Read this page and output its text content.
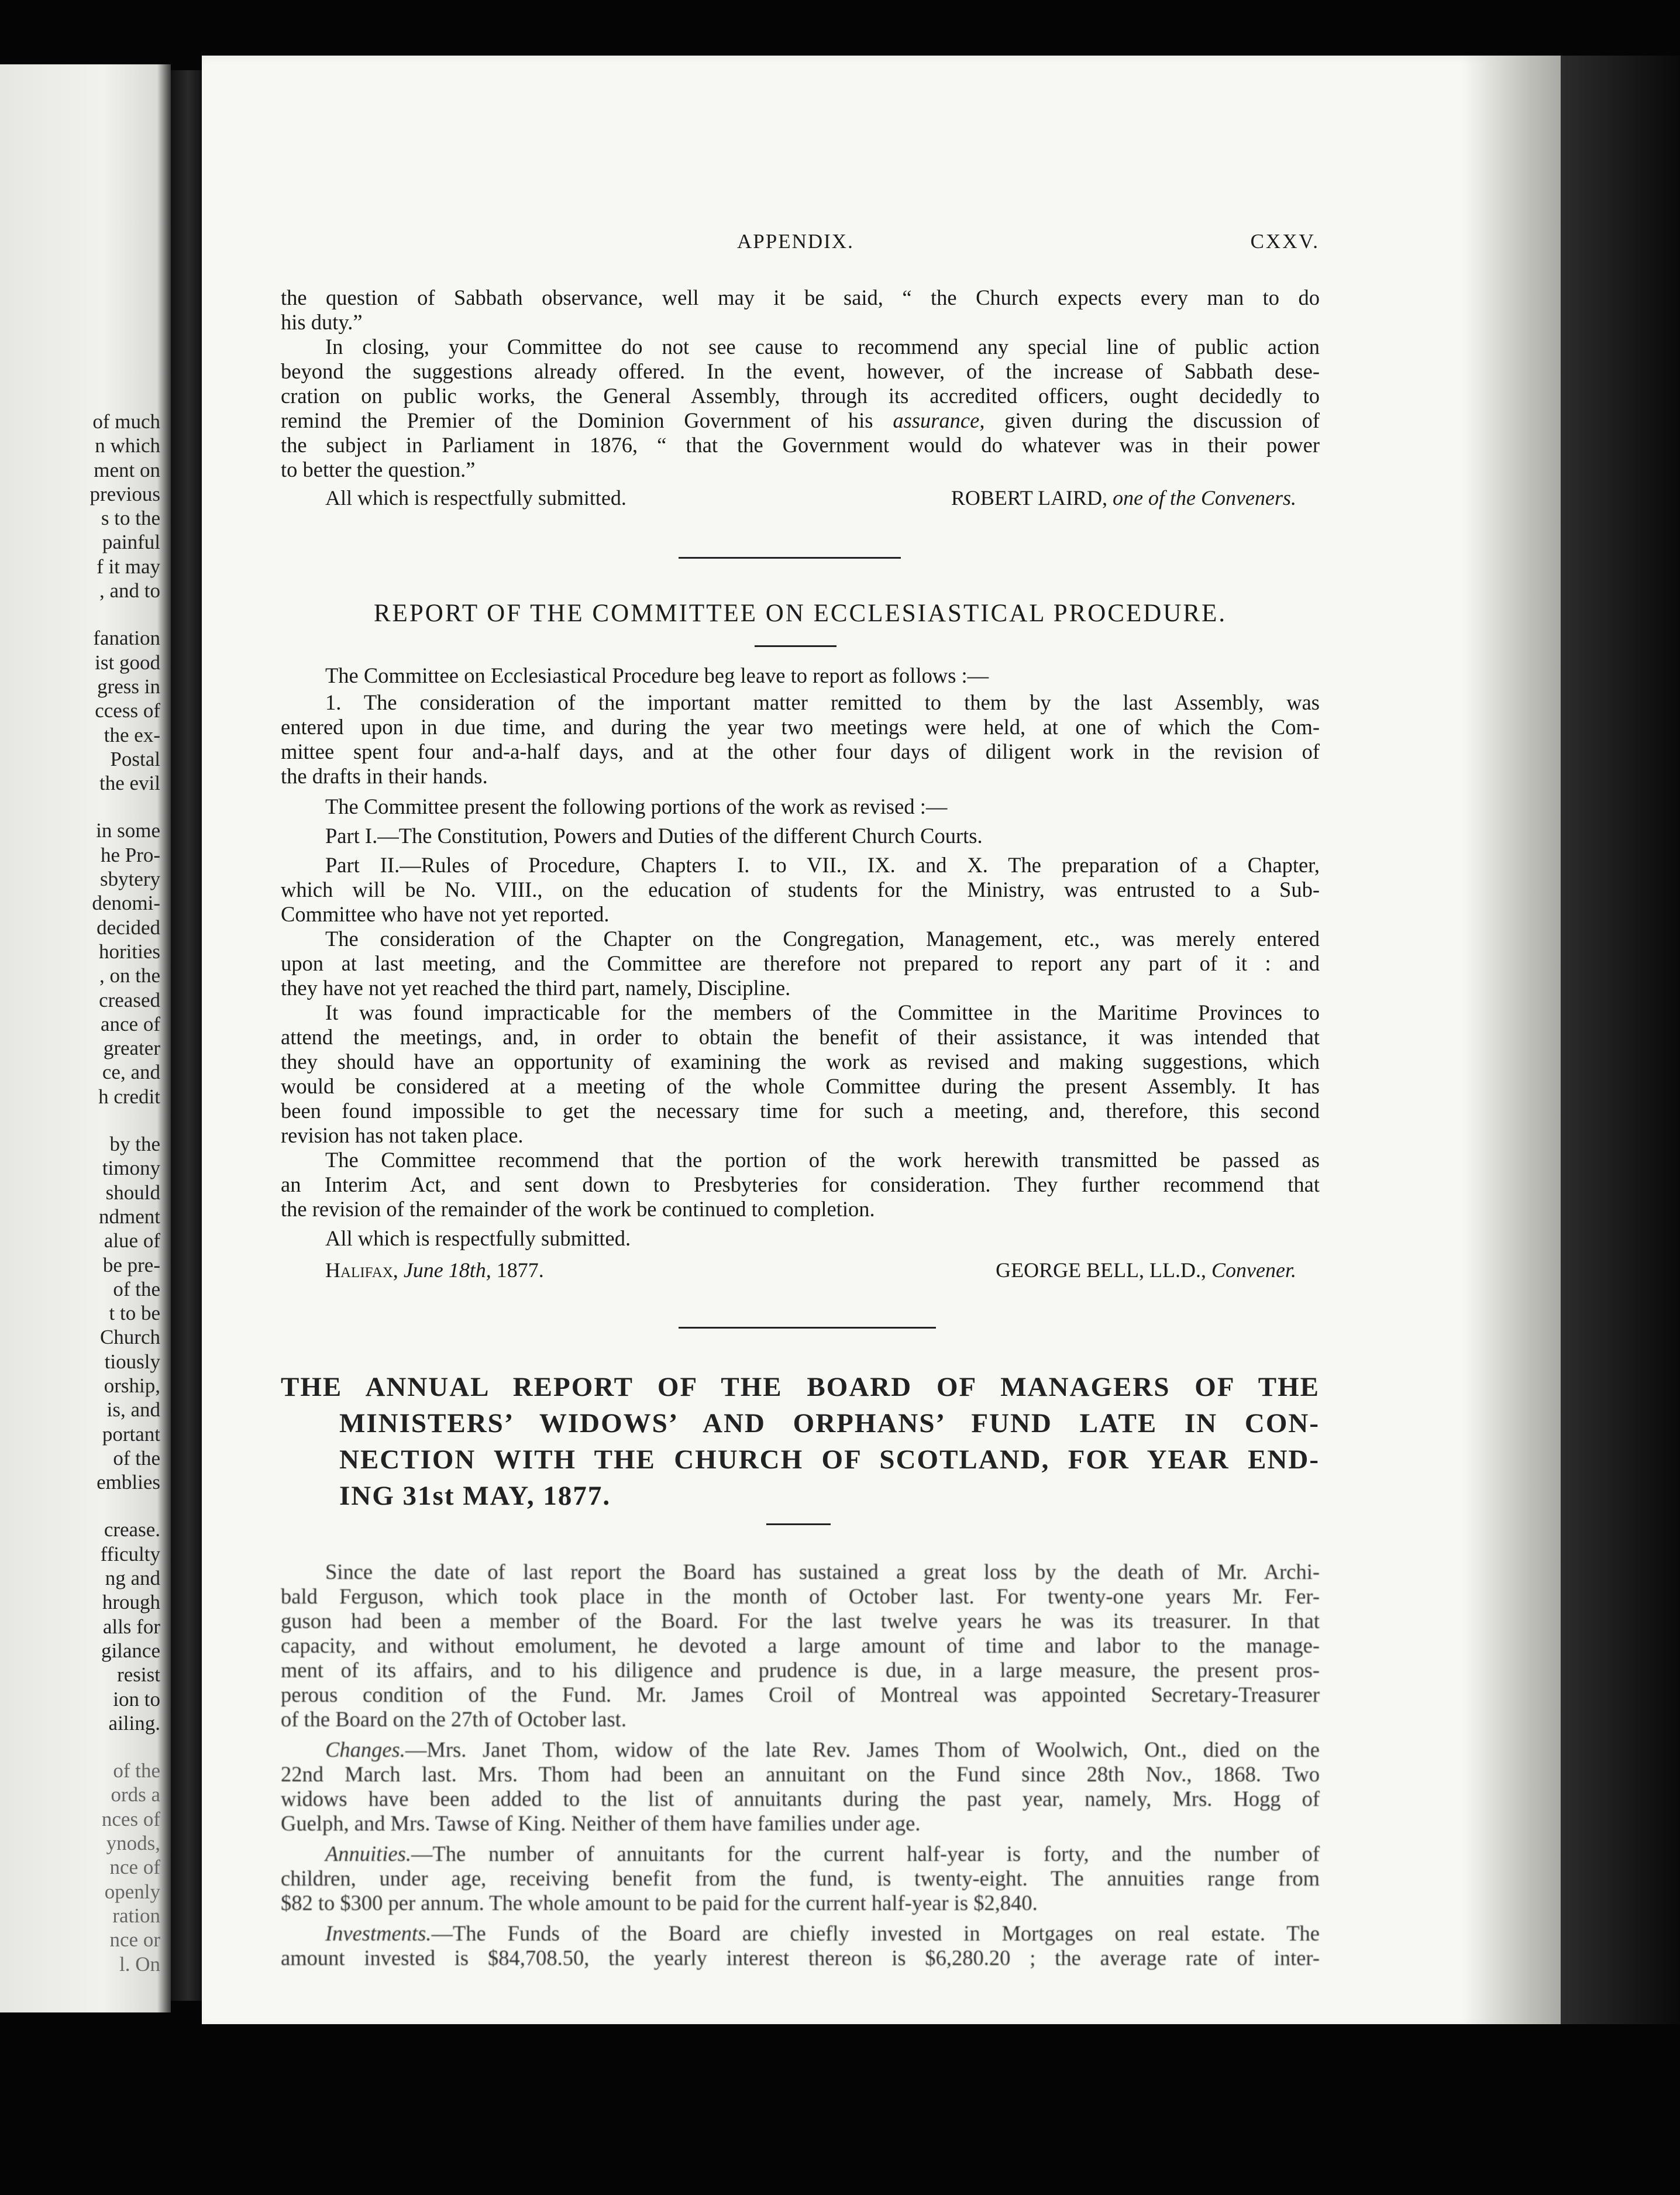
of much
n which
ment on
previous
s to the
painful
f it may
, and to
fanation
ist good
gress in
ccess of
the ex-
Postal
the evil
in some
he Pro-
sbytery
denomi-
decided
horities
, on the
creased
ance of
greater
ce, and
h credit
by the
timony
should
ndment
alue of
be pre-
of the
t to be
Church
tiously
orship,
is, and
portant
of the
emblies
crease.
fficulty
ng and
hrough
alls for
gilance
resist
ion to
ailing.
of the
ords a
nces of
ynods,
nce of
openly
ration
nce or
l. On
APPENDIX.	CXXV.

the question of Sabbath observance, well may it be said, “ the Church expects every man to do

his duty.”

In closing, your Committee do not see cause to recommend any special line of public action

beyond the suggestions already offered. In the event, however, of the increase of Sabbath dese-

cration on public works, the General Assembly, through its accredited officers, ought decidedly to

remind the Premier of the Dominion Government of his assurance, given during the discussion of

the subject in Parliament in 1876, “ that the Government would do whatever was in their power

to better the question.”

All which is respectfully submitted.	ROBERT LAIRD, one of the Conveners.
REPORT OF THE COMMITTEE ON ECCLESIASTICAL PROCEDURE.

The Committee on Ecclesiastical Procedure beg leave to report as follows :—

1. The consideration of the important matter remitted to them by the last Assembly, was

entered upon in due time, and during the year two meetings were held, at one of which the Com-

mittee spent four and-a-half days, and at the other four days of diligent work in the revision of

the drafts in their hands.

The Committee present the following portions of the work as revised :—

Part I.—The Constitution, Powers and Duties of the different Church Courts.

Part II.—Rules of Procedure, Chapters I. to VII., IX. and X. The preparation of a Chapter,

which will be No. VIII., on the education of students for the Ministry, was entrusted to a Sub-

Committee who have not yet reported.

The consideration of the Chapter on the Congregation, Management, etc., was merely entered

upon at last meeting, and the Committee are therefore not prepared to report any part of it : and

they have not yet reached the third part, namely, Discipline.

It was found impracticable for the members of the Committee in the Maritime Provinces to

attend the meetings, and, in order to obtain the benefit of their assistance, it was intended that

they should have an opportunity of examining the work as revised and making suggestions, which

would be considered at a meeting of the whole Committee during the present Assembly. It has

been found impossible to get the necessary time for such a meeting, and, therefore, this second

revision has not taken place.

The Committee recommend that the portion of the work herewith transmitted be passed as

an Interim Act, and sent down to Presbyteries for consideration. They further recommend that

the revision of the remainder of the work be continued to completion.

All which is respectfully submitted.

Halifax, June 18th, 1877.	GEORGE BELL, LL.D., Convener.
THE ANNUAL REPORT OF THE BOARD OF MANAGERS OF THE
MINISTERS’ WIDOWS’ AND ORPHANS’ FUND LATE IN CON-
NECTION WITH THE CHURCH OF SCOTLAND, FOR YEAR END-
ING 31st MAY, 1877.

Since the date of last report the Board has sustained a great loss by the death of Mr. Archi-

bald Ferguson, which took place in the month of October last. For twenty-one years Mr. Fer-

guson had been a member of the Board. For the last twelve years he was its treasurer. In that

capacity, and without emolument, he devoted a large amount of time and labor to the manage-

ment of its affairs, and to his diligence and prudence is due, in a large measure, the present pros-

perous condition of the Fund. Mr. James Croil of Montreal was appointed Secretary-Treasurer

of the Board on the 27th of October last.

Changes.—Mrs. Janet Thom, widow of the late Rev. James Thom of Woolwich, Ont., died on the

22nd March last. Mrs. Thom had been an annuitant on the Fund since 28th Nov., 1868. Two

widows have been added to the list of annuitants during the past year, namely, Mrs. Hogg of

Guelph, and Mrs. Tawse of King. Neither of them have families under age.

Annuities.—The number of annuitants for the current half-year is forty, and the number of

children, under age, receiving benefit from the fund, is twenty-eight. The annuities range from

$82 to $300 per annum. The whole amount to be paid for the current half-year is $2,840.

Investments.—The Funds of the Board are chiefly invested in Mortgages on real estate. The

amount invested is $84,708.50, the yearly interest thereon is $6,280.20 ; the average rate of inter-
